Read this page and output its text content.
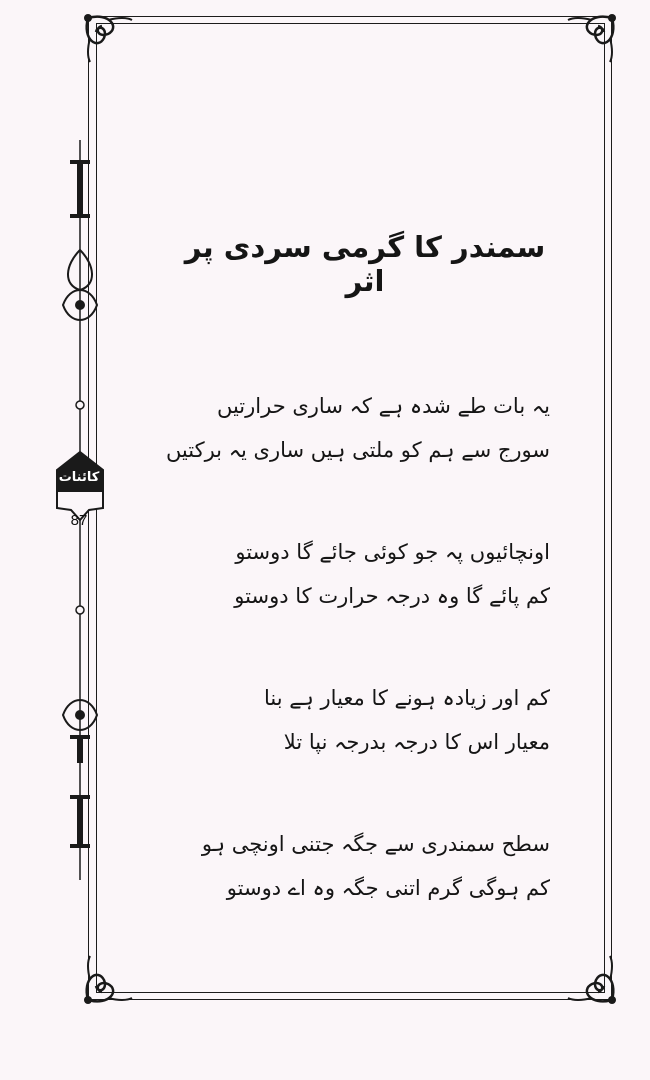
کائنات
87
سمندر کا گرمی سردی پر اثر
یہ بات طے شدہ ہے کہ ساری حرارتیں
سورج سے ہم کو ملتی ہیں ساری یہ برکتیں
اونچائیوں پہ جو کوئی جائے گا دوستو
کم پائے گا وہ درجہ حرارت کا دوستو
کم اور زیادہ ہونے کا معیار ہے بنا
معیار اس کا درجہ بدرجہ نپا تلا
سطح سمندری سے جگہ جتنی اونچی ہو
کم ہوگی گرم اتنی جگہ وہ اے دوستو
